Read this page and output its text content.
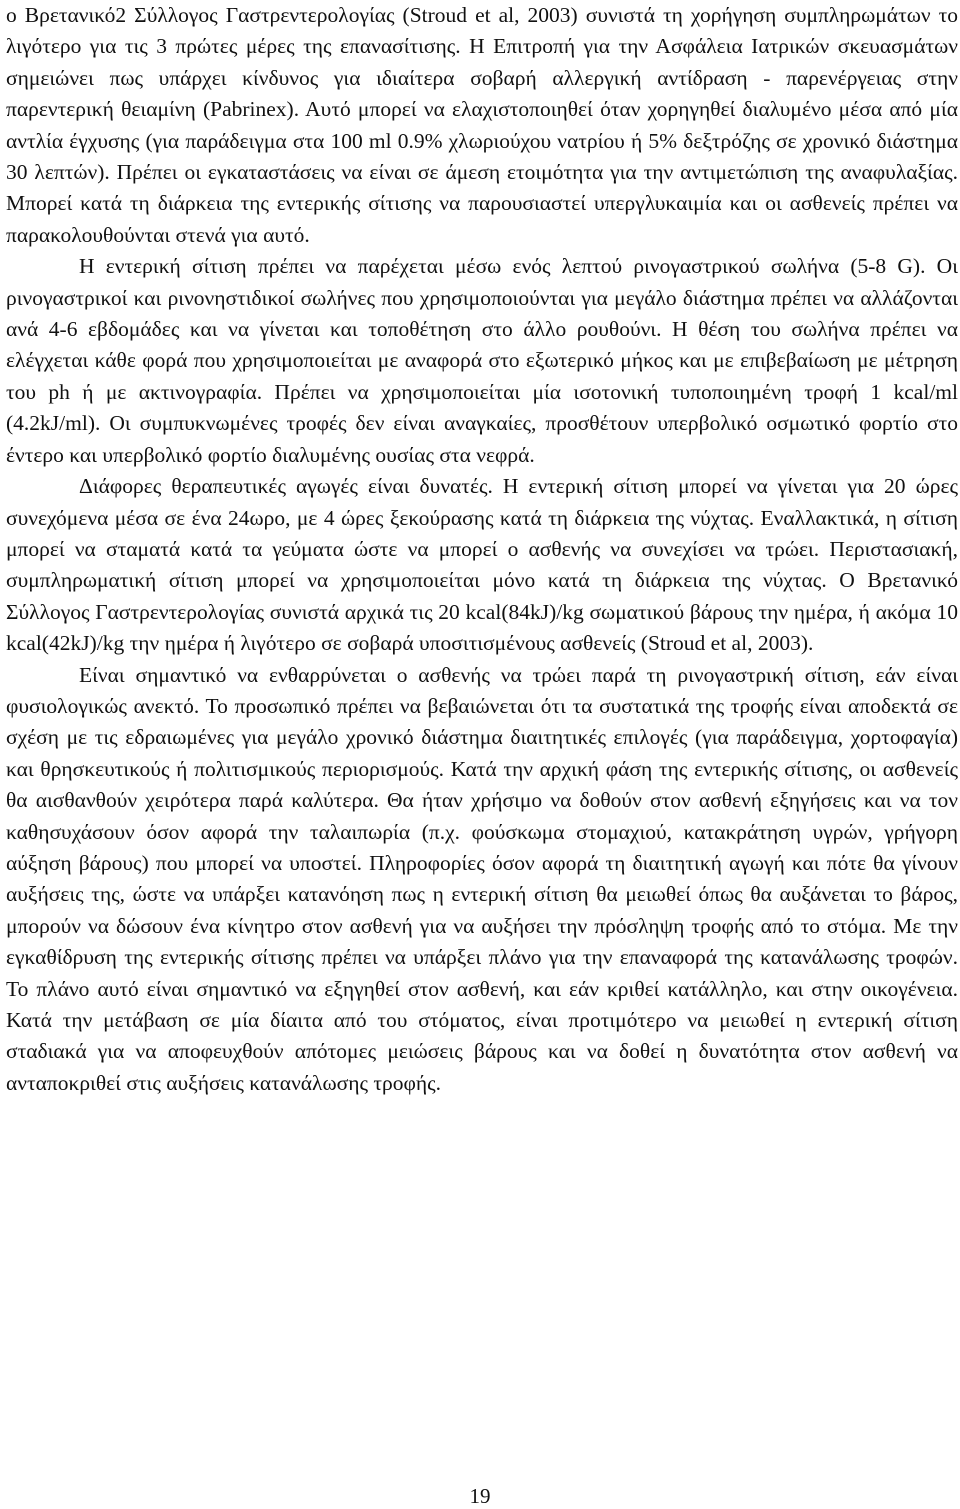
ο Βρετανικό2 Σύλλογος Γαστρεντερολογίας (Stroud et al, 2003) συνιστά τη χορήγηση συμπληρωμάτων το λιγότερο για τις 3 πρώτες μέρες της επανασίτισης. Η Επιτροπή για την Ασφάλεια Ιατρικών σκευασμάτων σημειώνει πως υπάρχει κίνδυνος για ιδιαίτερα σοβαρή αλλεργική αντίδραση - παρενέργειας στην παρεντερική θειαμίνη (Pabrinex). Αυτό μπορεί να ελαχιστοποιηθεί όταν χορηγηθεί διαλυμένο μέσα από μία αντλία έγχυσης (για παράδειγμα στα 100 ml 0.9% χλωριούχου νατρίου ή 5% δεξτρόζης σε χρονικό διάστημα 30 λεπτών). Πρέπει οι εγκαταστάσεις να είναι σε άμεση ετοιμότητα για την αντιμετώπιση της αναφυλαξίας. Μπορεί κατά τη διάρκεια της εντερικής σίτισης να παρουσιαστεί υπεργλυκαιμία και οι ασθενείς πρέπει να παρακολουθούνται στενά για αυτό.

Η εντερική σίτιση πρέπει να παρέχεται μέσω ενός λεπτού ρινογαστρικού σωλήνα (5-8 G). Οι ρινογαστρικοί και ρινονηστιδικοί σωλήνες που χρησιμοποιούνται για μεγάλο διάστημα πρέπει να αλλάζονται ανά 4-6 εβδομάδες και να γίνεται και τοποθέτηση στο άλλο ρουθούνι. Η θέση του σωλήνα πρέπει να ελέγχεται κάθε φορά που χρησιμοποιείται με αναφορά στο εξωτερικό μήκος και με επιβεβαίωση με μέτρηση του ph ή με ακτινογραφία. Πρέπει να χρησιμοποιείται μία ισοτονική τυποποιημένη τροφή 1 kcal/ml (4.2kJ/ml). Οι συμπυκνωμένες τροφές δεν είναι αναγκαίες, προσθέτουν υπερβολικό οσμωτικό φορτίο στο έντερο και υπερβολικό φορτίο διαλυμένης ουσίας στα νεφρά.

Διάφορες θεραπευτικές αγωγές είναι δυνατές. Η εντερική σίτιση μπορεί να γίνεται για 20 ώρες συνεχόμενα μέσα σε ένα 24ωρο, με 4 ώρες ξεκούρασης κατά τη διάρκεια της νύχτας. Εναλλακτικά, η σίτιση μπορεί να σταματά κατά τα γεύματα ώστε να μπορεί ο ασθενής να συνεχίσει να τρώει. Περιστασιακή, συμπληρωματική σίτιση μπορεί να χρησιμοποιείται μόνο κατά τη διάρκεια της νύχτας. Ο Βρετανικό Σύλλογος Γαστρεντερολογίας συνιστά αρχικά τις 20 kcal(84kJ)/kg σωματικού βάρους την ημέρα, ή ακόμα 10 kcal(42kJ)/kg την ημέρα ή λιγότερο σε σοβαρά υποσιτισμένους ασθενείς (Stroud et al, 2003).

Είναι σημαντικό να ενθαρρύνεται ο ασθενής να τρώει παρά τη ρινογαστρική σίτιση, εάν είναι φυσιολογικώς ανεκτό. Το προσωπικό πρέπει να βεβαιώνεται ότι τα συστατικά της τροφής είναι αποδεκτά σε σχέση με τις εδραιωμένες για μεγάλο χρονικό διάστημα διαιτητικές επιλογές (για παράδειγμα, χορτοφαγία) και θρησκευτικούς ή πολιτισμικούς περιορισμούς. Κατά την αρχική φάση της εντερικής σίτισης, οι ασθενείς θα αισθανθούν χειρότερα παρά καλύτερα. Θα ήταν χρήσιμο να δοθούν στον ασθενή εξηγήσεις και να τον καθησυχάσουν όσον αφορά την ταλαιπωρία (π.χ. φούσκωμα στομαχιού, κατακράτηση υγρών, γρήγορη αύξηση βάρους) που μπορεί να υποστεί. Πληροφορίες όσον αφορά τη διαιτητική αγωγή και πότε θα γίνουν αυξήσεις της, ώστε να υπάρξει κατανόηση πως η εντερική σίτιση θα μειωθεί όπως θα αυξάνεται το βάρος, μπορούν να δώσουν ένα κίνητρο στον ασθενή για να αυξήσει την πρόσληψη τροφής από το στόμα. Με την εγκαθίδρυση της εντερικής σίτισης πρέπει να υπάρξει πλάνο για την επαναφορά της κατανάλωσης τροφών. Το πλάνο αυτό είναι σημαντικό να εξηγηθεί στον ασθενή, και εάν κριθεί κατάλληλο, και στην οικογένεια. Κατά την μετάβαση σε μία δίαιτα από του στόματος, είναι προτιμότερο να μειωθεί η εντερική σίτιση σταδιακά για να αποφευχθούν απότομες μειώσεις βάρους και να δοθεί η δυνατότητα στον ασθενή να ανταποκριθεί στις αυξήσεις κατανάλωσης τροφής.

19
